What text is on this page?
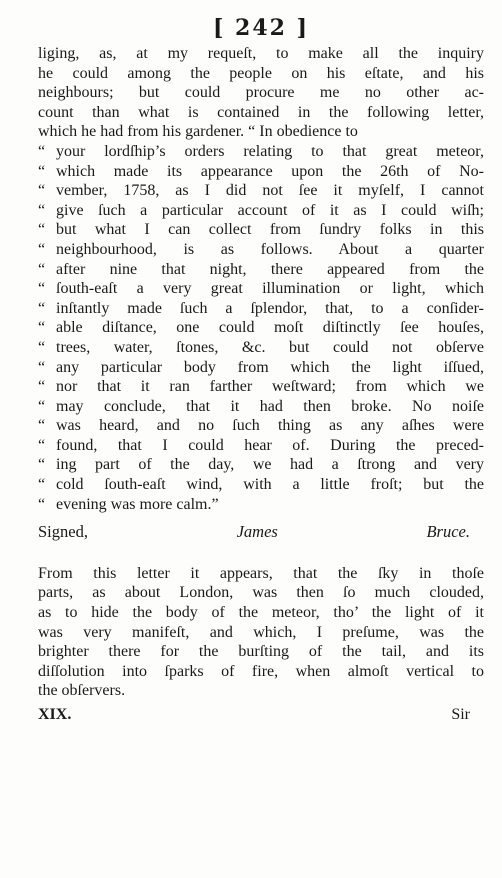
[ 242 ]
liging, as, at my requeſt, to make all the inquiry
he could among the people on his eſtate, and his
neighbours; but could procure me no other ac-
count than what is contained in the following letter,
which he had from his gardener. “ In obedience to
“ your lordſhip’s orders relating to that great meteor,
“ which made its appearance upon the 26th of No-
“ vember, 1758, as I did not ſee it myſelf, I cannot
“ give ſuch a particular account of it as I could wiſh;
“ but what I can collect from ſundry folks in this
“ neighbourhood, is as follows. About a quarter
“ after nine that night, there appeared from the
“ ſouth-eaſt a very great illumination or light, which
“ inſtantly made ſuch a ſplendor, that, to a conſider-
“ able diſtance, one could moſt diſtinctly ſee houſes,
“ trees, water, ſtones, &c. but could not obſerve
“ any particular body from which the light iſſued,
“ nor that it ran farther weſtward; from which we
“ may conclude, that it had then broke. No noiſe
“ was heard, and no ſuch thing as any aſhes were
“ found, that I could hear of. During the preced-
“ ing part of the day, we had a ſtrong and very
“ cold ſouth-eaſt wind, with a little froſt; but the
“ evening was more calm.”
Signed,	James Bruce.
From this letter it appears, that the ſky in thoſe
parts, as about London, was then ſo much clouded,
as to hide the body of the meteor, tho’ the light of it
was very manifeſt, and which, I preſume, was the
brighter there for the burſting of the tail, and its
diſſolution into ſparks of fire, when almoſt vertical to
the obſervers.
XIX.	Sir
